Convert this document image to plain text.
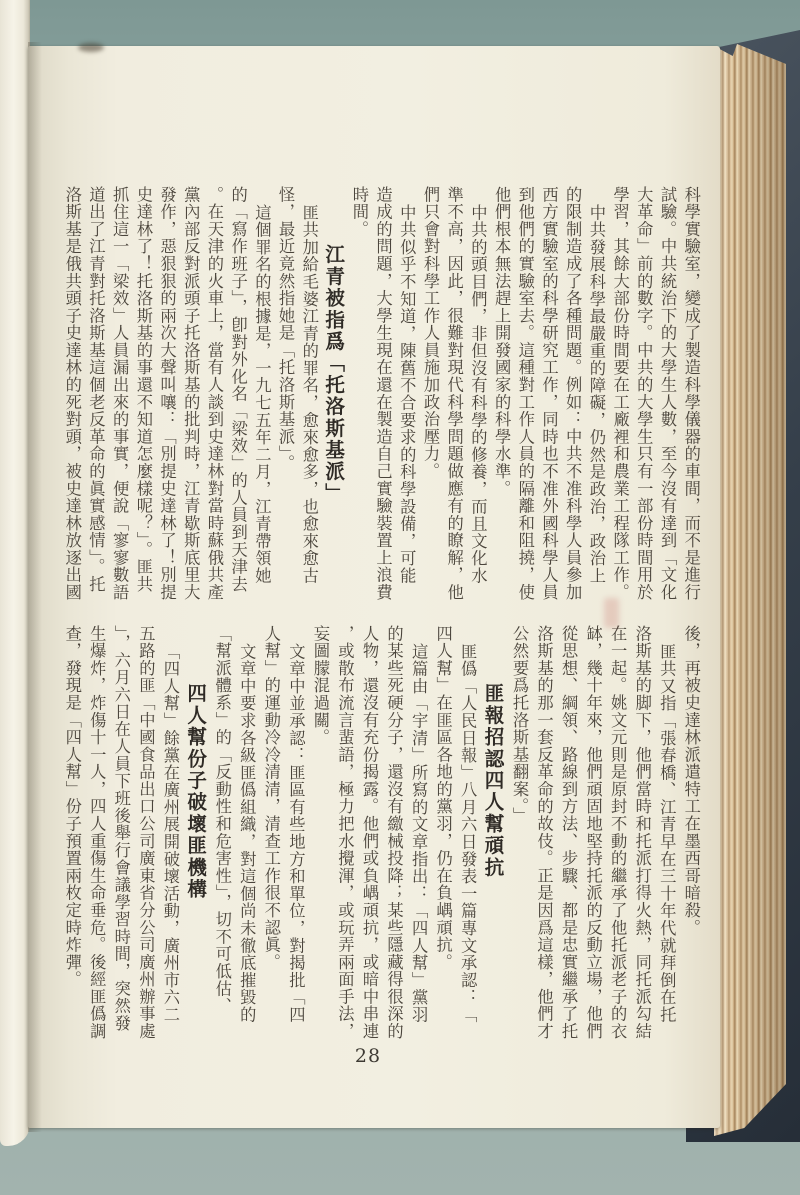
科學實驗室，變成了製造科學儀器的車間，而不是進行
試驗。中共統治下的大學生人數，至今沒有達到「文化
大革命」前的數字。中共的大學生只有一部份時間用於
學習，其餘大部份時間要在工廠裡和農業工程隊工作。
中共發展科學最嚴重的障礙，仍然是政治，政治上
的限制造成了各種問題。例如：中共不准科學人員參加
西方實驗室的科學研究工作，同時也不准外國科學人員
到他們的實驗室去。這種對工作人員的隔離和阻撓，使
他們根本無法趕上開發國家的科學水準。
中共的頭目們，非但沒有科學的修養，而且文化水
準不高，因此，很難對現代科學問題做應有的瞭解，他
們只會對科學工作人員施加政治壓力。
中共似乎不知道，陳舊不合要求的科學設備，可能
造成的問題，大學生現在還在製造自己實驗裝置上浪費
時間。
江青被指爲「托洛斯基派」
匪共加給毛婆江青的罪名，愈來愈多，也愈來愈古
怪，最近竟然指她是「托洛斯基派」。
這個罪名的根據是，一九七五年二月，江青帶領她
的「寫作班子」，卽對外化名「梁效」的人員到天津去
。在天津的火車上，當有人談到史達林對當時蘇俄共產
黨內部反對派頭子托洛斯基的批判時，江青歇斯底里大
發作，惡狠狠的兩次大聲叫嚷：「別提史達林了！別提
史達林了！托洛斯基的事還不知道怎麼樣呢？」。匪共
抓住這一「梁效」人員漏出來的事實，便說「寥寥數語
道出了江青對托洛斯基這個老反革命的眞實感情」。托
洛斯基是俄共頭子史達林的死對頭，被史達林放逐出國
後，再被史達林派遣特工在墨西哥暗殺。
匪共又指「張春橋、江青早在三十年代就拜倒在托
洛斯基的脚下，他們當時和托派打得火熱，同托派勾結
在一起。姚文元則是原封不動的繼承了他托派老子的衣
缽，幾十年來，他們頑固地堅持托派的反動立場，他們
從思想、綱領、路線到方法、步驟、都是忠實繼承了托
洛斯基的那一套反革命的故伎。正是因爲這樣，他們才
公然要爲托洛斯基翻案。」
匪報招認四人幫頑抗
匪僞「人民日報」八月六日發表一篇專文承認：「
四人幫」在匪區各地的黨羽，仍在負嵎頑抗。
這篇由「宇清」所寫的文章指出：「四人幫」黨羽
的某些死硬分子，還沒有繳械投降；某些隱藏得很深的
人物，還沒有充份揭露。他們或負嵎頑抗，或暗中串連
，或散布流言蜚語，極力把水攪渾，或玩弄兩面手法，
妄圖朦混過關。
文章中並承認：匪區有些地方和單位，對揭批「四
人幫」的運動冷冷清清，清查工作很不認眞。
文章中要求各級匪僞組織，對這個尚未徹底摧毀的
「幫派體系」的「反動性和危害性」，切不可低估、
四人幫份子破壞匪機構
「四人幫」餘黨在廣州展開破壞活動，廣州市六二
五路的匪「中國食品出口公司廣東省分公司廣州辦事處
」，六月六日在人員下班後舉行會議學習時間，突然發
生爆炸，炸傷十一人，四人重傷生命垂危。後經匪僞調
查，發現是「四人幫」份子預置兩枚定時炸彈。
28
